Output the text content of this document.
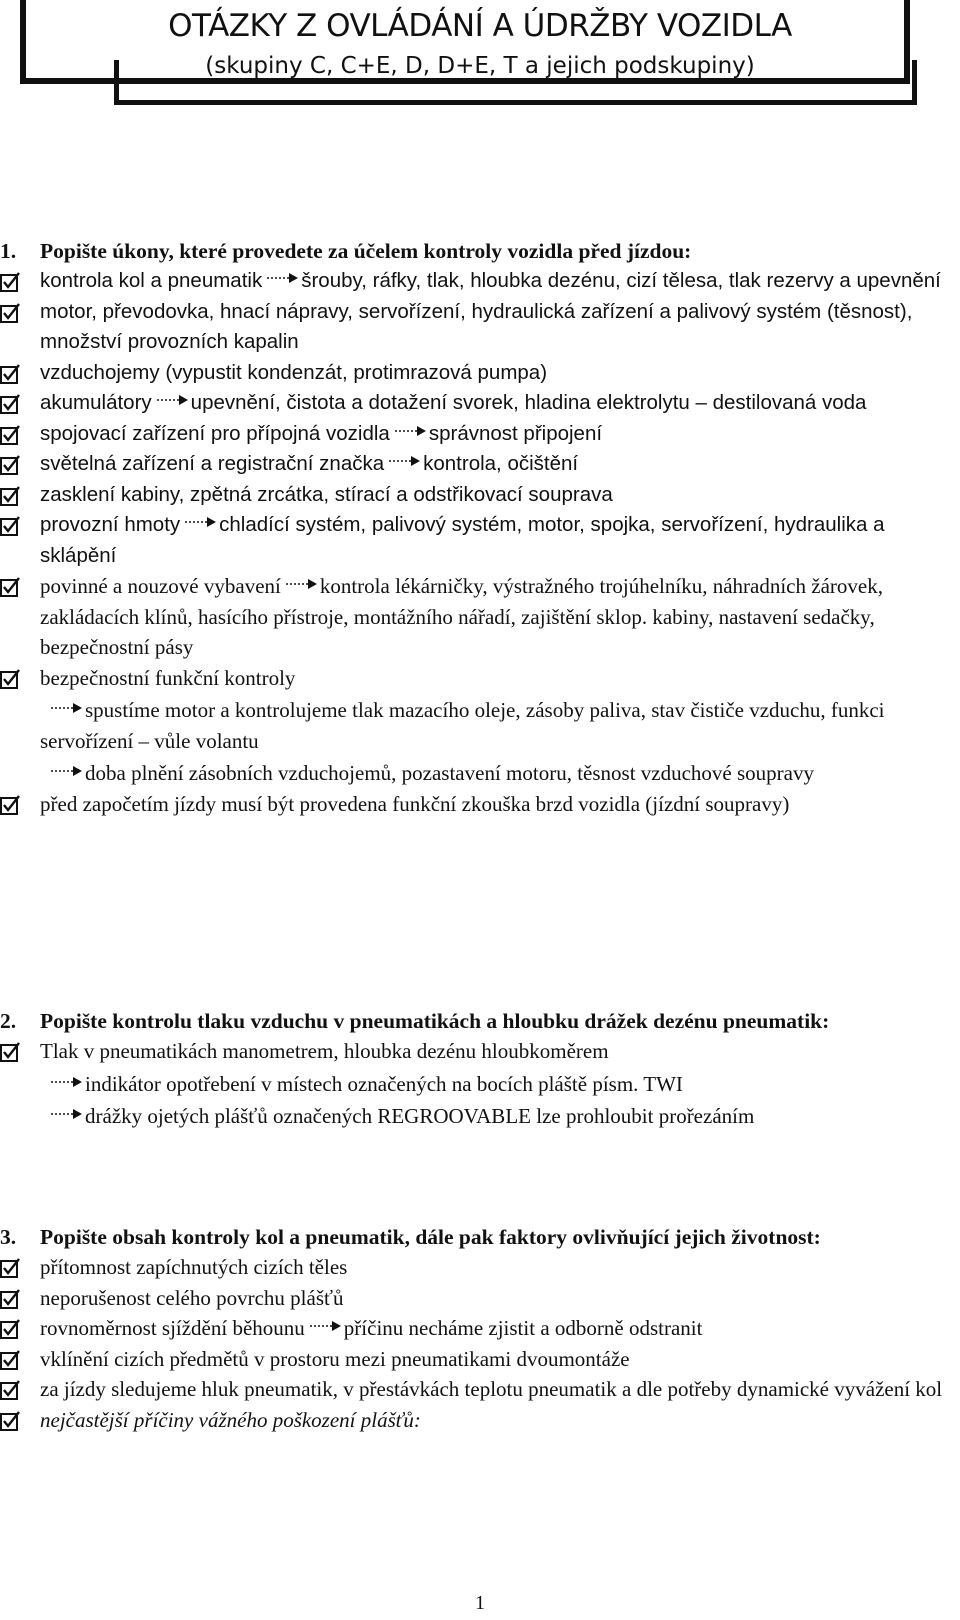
OTÁZKY Z OVLÁDÁNÍ A ÚDRŽBY VOZIDLA
(skupiny C, C+E, D, D+E, T a jejich podskupiny)
1.	Popište úkony, které provedete za účelem kontroly vozidla před jízdou:

kontrola kol a pneumatik šrouby, ráfky, tlak, hloubka dezénu, cizí tělesa, tlak rezervy a upevnění

motor, převodovka, hnací nápravy, servořízení, hydraulická zařízení a palivový systém (těsnost), množství provozních kapalin

vzduchojemy (vypustit kondenzát, protimrazová pumpa)

akumulátory upevnění, čistota a dotažení svorek, hladina elektrolytu – destilovaná voda

spojovací zařízení pro přípojná vozidla správnost připojení

světelná zařízení a registrační značka kontrola, očištění

zasklení kabiny, zpětná zrcátka, stírací a odstřikovací souprava

provozní hmoty chladící systém, palivový systém, motor, spojka, servořízení, hydraulika a sklápění

povinné a nouzové vybavení kontrola lékárničky, výstražného trojúhelníku, náhradních žárovek, zakládacích klínů, hasícího přístroje, montážního nářadí, zajištění sklop. kabiny, nastavení sedačky, bezpečnostní pásy

bezpečnostní funkční kontroly

spustíme motor a kontrolujeme tlak mazacího oleje, zásoby paliva, stav čističe vzduchu, funkci servořízení – vůle volantu

doba plnění zásobních vzduchojemů, pozastavení motoru, těsnost vzduchové soupravy

před započetím jízdy musí být provedena funkční zkouška brzd vozidla (jízdní soupravy)

2.	Popište kontrolu tlaku vzduchu v pneumatikách a hloubku drážek dezénu pneumatik:

Tlak v pneumatikách manometrem, hloubka dezénu hloubkoměrem

indikátor opotřebení v místech označených na bocích pláště písm. TWI

drážky ojetých plášťů označených REGROOVABLE lze prohloubit prořezáním

3.	Popište obsah kontroly kol a pneumatik, dále pak faktory ovlivňující jejich životnost:

přítomnost zapíchnutých cizích těles

neporušenost celého povrchu plášťů

rovnoměrnost sjíždění běhounu příčinu necháme zjistit a odborně odstranit

vklínění cizích předmětů v prostoru mezi pneumatikami dvoumontáže

za jízdy sledujeme hluk pneumatik, v přestávkách teplotu pneumatik a dle potřeby dynamické vyvážení kol

nejčastější příčiny vážného poškození plášťů:

1
